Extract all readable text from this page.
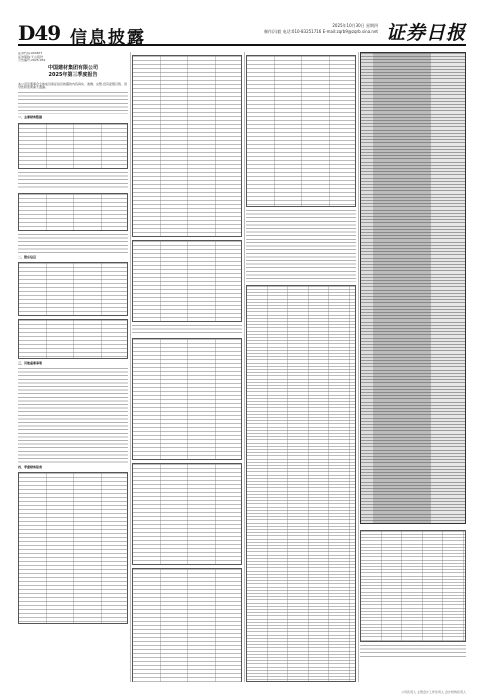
D49 信息披露
2025年10月30日 星期四
制作/冯毅 电话:010-83251716 E-mail:zqrb9@zqrb.sina.net 证券日报
证券代码:000877
证券简称:天山股份
公告编号:2025-052
中国建材集团有限公司
2025年第三季度报告
本公司及董事会全体成员保证信息披露的内容真实、准确、完整,没有虚假记载、误导性陈述或重大遗漏。
一、主要财务数据
二、股东信息
三、其他重要事项
四、季度财务报表
公司负责人 主管会计工作负责人 会计机构负责人
